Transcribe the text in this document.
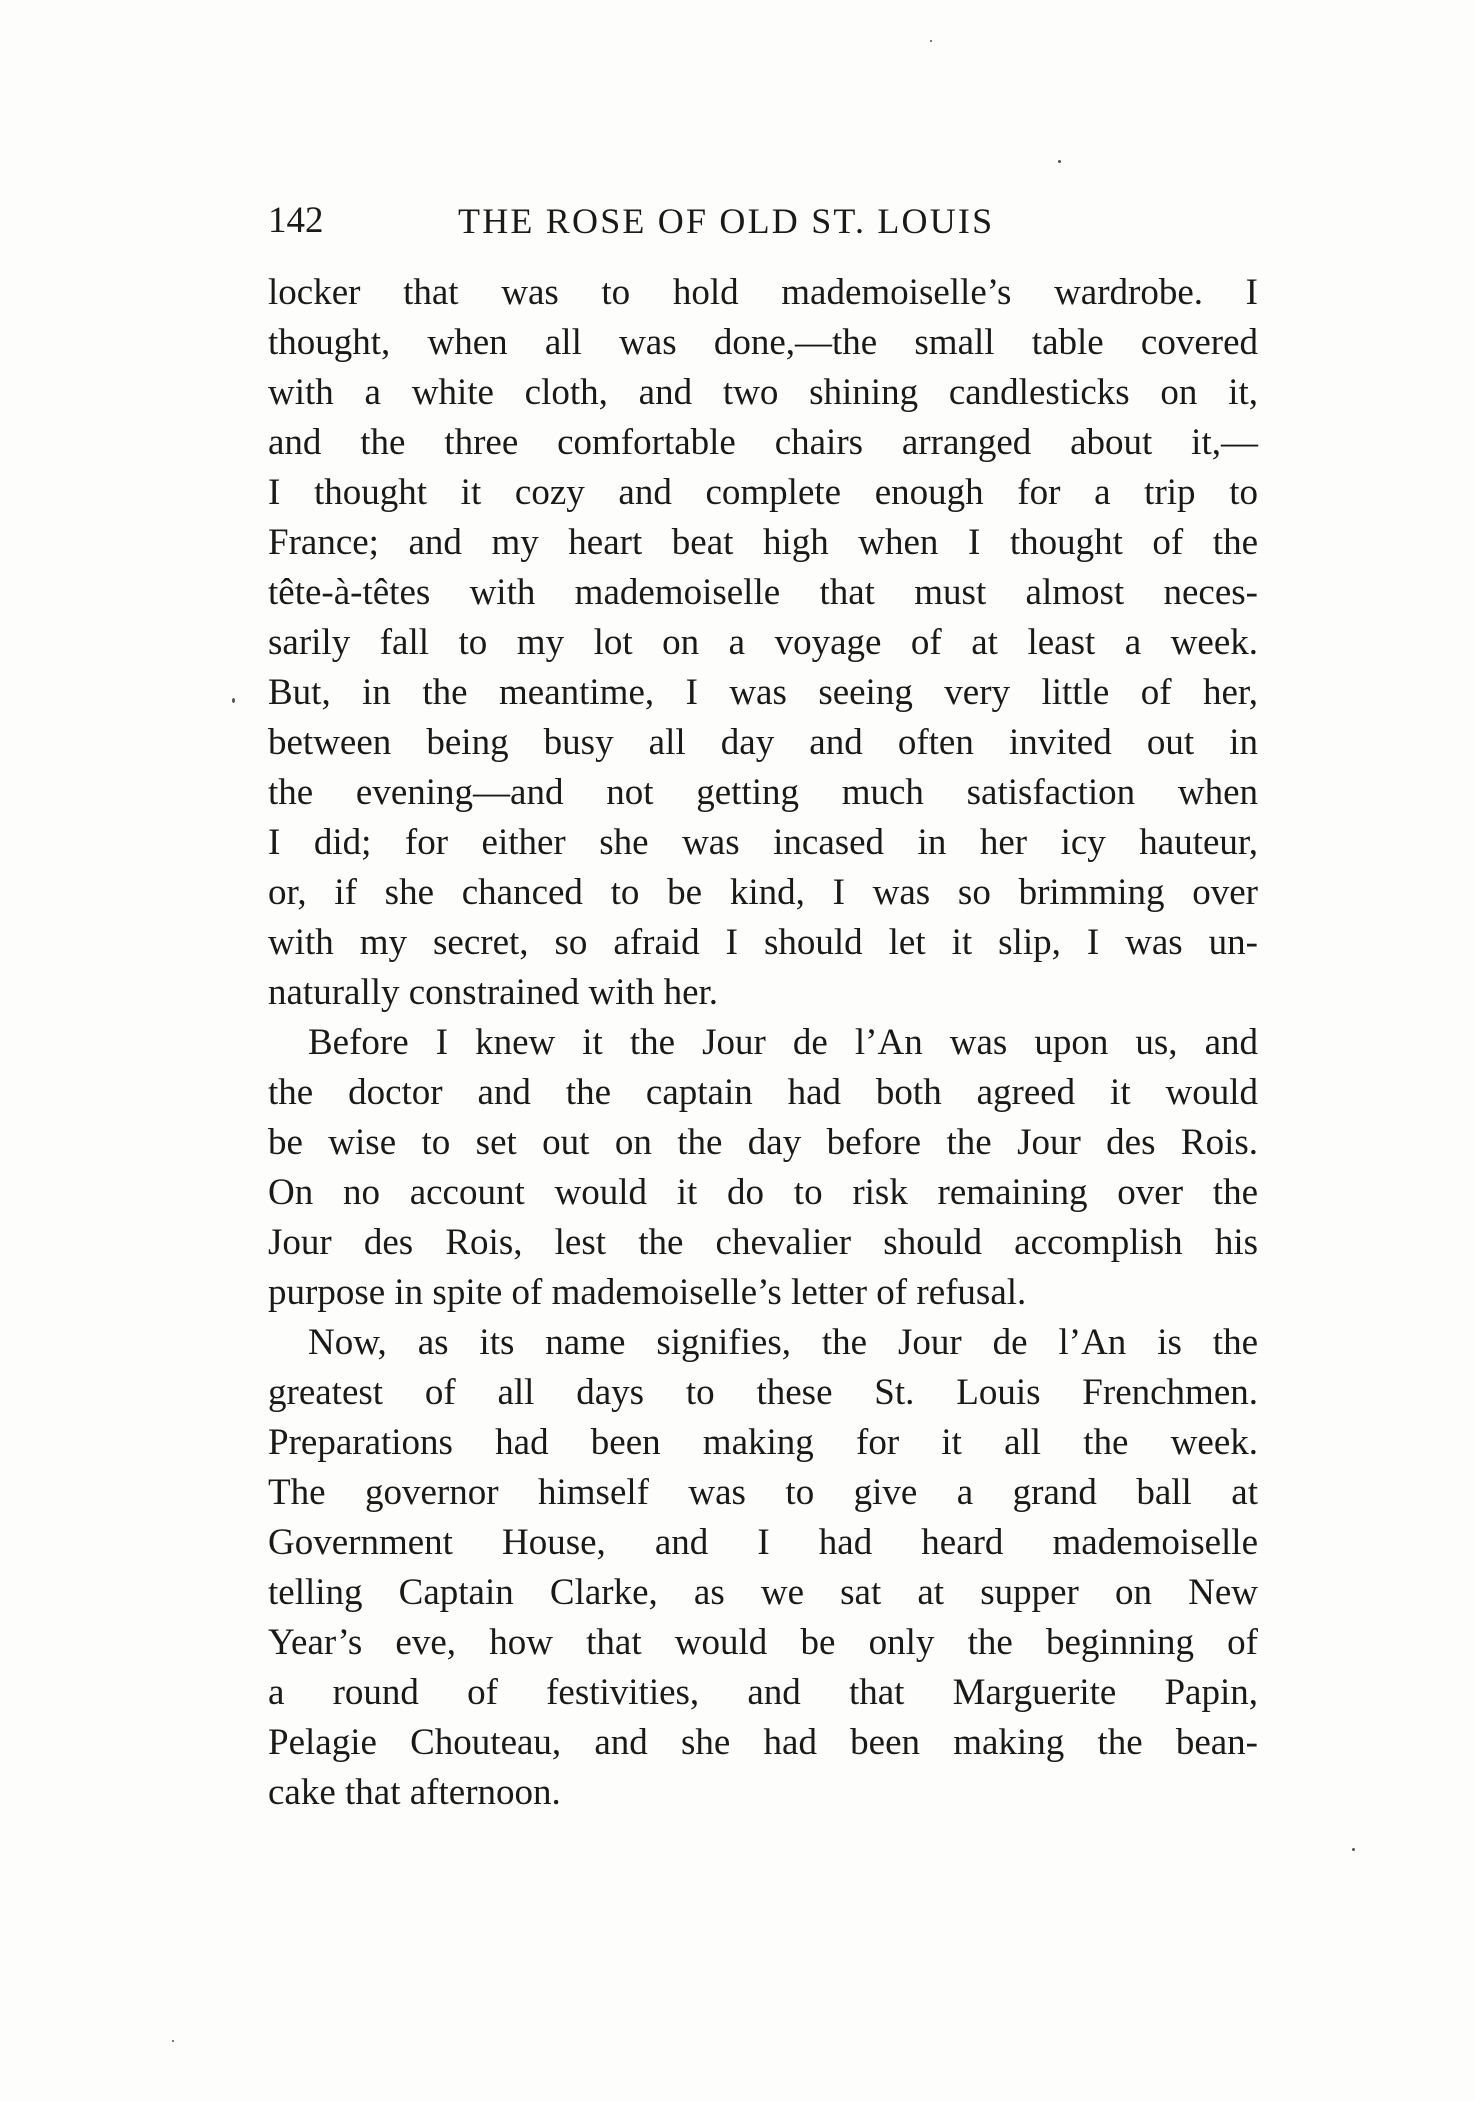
142	THE ROSE OF OLD ST. LOUIS
locker that was to hold mademoiselle’s wardrobe. I
thought, when all was done,—the small table covered
with a white cloth, and two shining candlesticks on it,
and the three comfortable chairs arranged about it,—
I thought it cozy and complete enough for a trip to
France; and my heart beat high when I thought of the
tête-à-têtes with mademoiselle that must almost neces-
sarily fall to my lot on a voyage of at least a week.
But, in the meantime, I was seeing very little of her,
between being busy all day and often invited out in
the evening—and not getting much satisfaction when
I did; for either she was incased in her icy hauteur,
or, if she chanced to be kind, I was so brimming over
with my secret, so afraid I should let it slip, I was un-
naturally constrained with her.
Before I knew it the Jour de l’An was upon us, and
the doctor and the captain had both agreed it would
be wise to set out on the day before the Jour des Rois.
On no account would it do to risk remaining over the
Jour des Rois, lest the chevalier should accomplish his
purpose in spite of mademoiselle’s letter of refusal.
Now, as its name signifies, the Jour de l’An is the
greatest of all days to these St. Louis Frenchmen.
Preparations had been making for it all the week.
The governor himself was to give a grand ball at
Government House, and I had heard mademoiselle
telling Captain Clarke, as we sat at supper on New
Year’s eve, how that would be only the beginning of
a round of festivities, and that Marguerite Papin,
Pelagie Chouteau, and she had been making the bean-
cake that afternoon.
